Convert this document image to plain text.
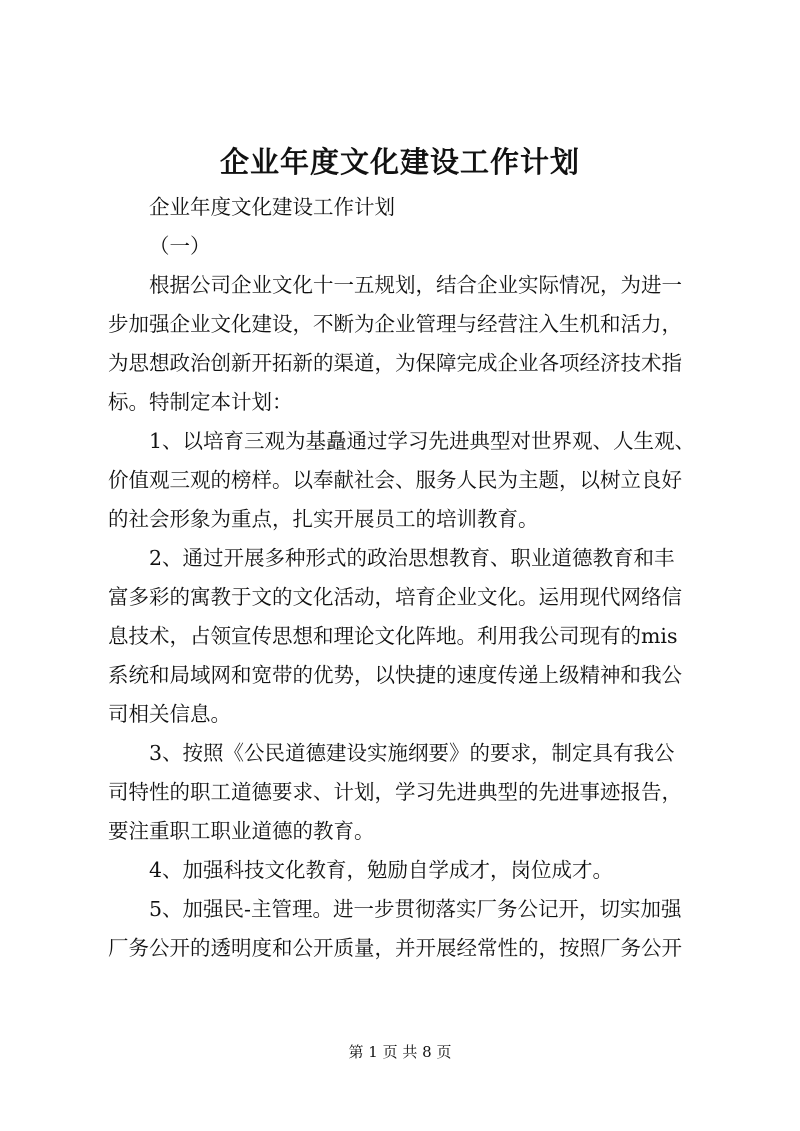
企业年度文化建设工作计划
企业年度文化建设工作计划
（一）
根据公司企业文化十一五规划，结合企业实际情况，为进一
步加强企业文化建设，不断为企业管理与经营注入生机和活力，
为思想政治创新开拓新的渠道，为保障完成企业各项经济技术指
标。特制定本计划：
1、以培育三观为基矗通过学习先进典型对世界观、人生观、
价值观三观的榜样。以奉献社会、服务人民为主题，以树立良好
的社会形象为重点，扎实开展员工的培训教育。
2、通过开展多种形式的政治思想教育、职业道德教育和丰
富多彩的寓教于文的文化活动，培育企业文化。运用现代网络信
息技术，占领宣传思想和理论文化阵地。利用我公司现有的mis
系统和局域网和宽带的优势，以快捷的速度传递上级精神和我公
司相关信息。
3、按照《公民道德建设实施纲要》的要求，制定具有我公
司特性的职工道德要求、计划，学习先进典型的先进事迹报告，
要注重职工职业道德的教育。
4、加强科技文化教育，勉励自学成才，岗位成才。
5、加强民-主管理。进一步贯彻落实厂务公记开，切实加强
厂务公开的透明度和公开质量，并开展经常性的，按照厂务公开
第 1 页 共 8 页
